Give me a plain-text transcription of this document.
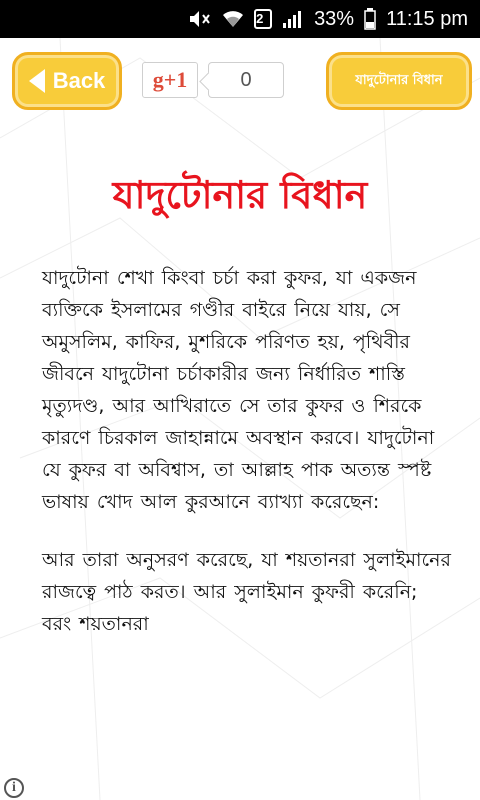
2	33% 11:15 pm
Back	g+1	0	যাদুটোনার বিধান
যাদুটোনার বিধান

যাদুটোনা শেখা কিংবা চর্চা করা কুফর, যা একজন ব্যক্তিকে ইসলামের গণ্ডীর বাইরে নিয়ে যায়, সে অমুসলিম, কাফির, মুশরিকে পরিণত হয়, পৃথিবীর জীবনে যাদুটোনা চর্চাকারীর জন্য নির্ধারিত শাস্তি মৃত্যুদণ্ড, আর আখিরাতে সে তার কুফর ও শিরকে কারণে চিরকাল জাহান্নামে অবস্থান করবে। যাদুটোনা যে কুফর বা অবিশ্বাস, তা আল্লাহ পাক অত্যন্ত স্পষ্ট ভাষায় খোদ আল কুরআনে ব্যাখ্যা করেছেন:

আর তারা অনুসরণ করেছে, যা শয়তানরা সুলাইমানের রাজত্বে পাঠ করত। আর সুলাইমান কুফরী করেনি; বরং শয়তানরা

i
